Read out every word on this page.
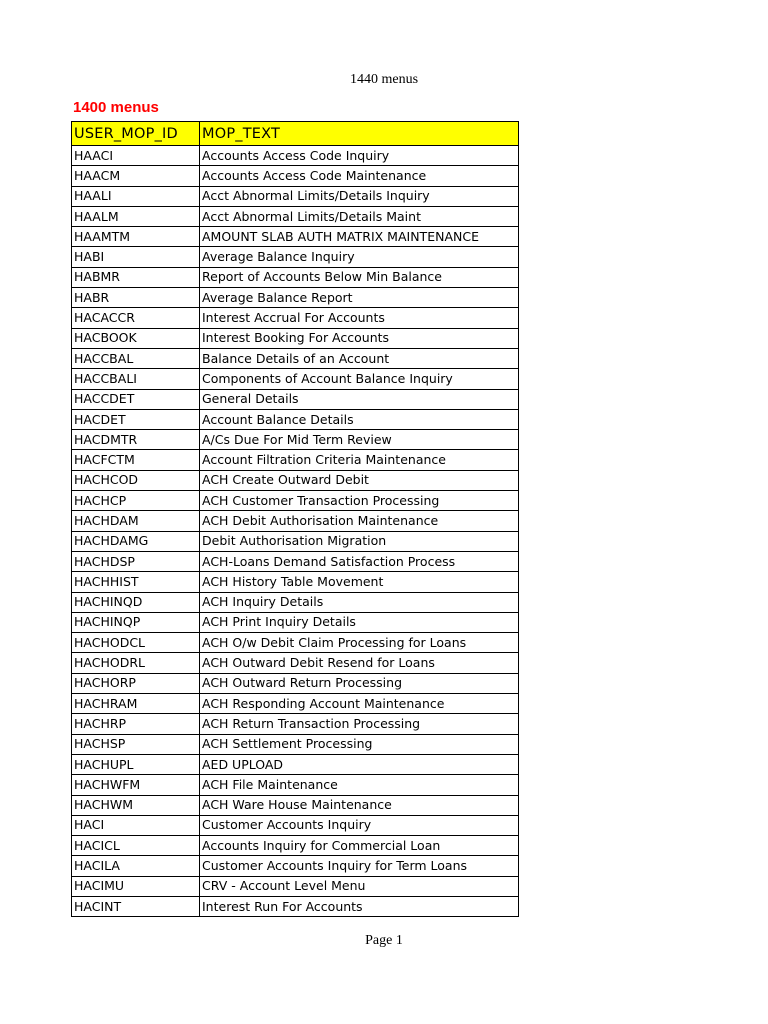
1440 menus
1400 menus
USER_MOP_ID	MOP_TEXT
HAACI	Accounts Access Code Inquiry
HAACM	Accounts Access Code Maintenance
HAALI	Acct Abnormal Limits/Details Inquiry
HAALM	Acct Abnormal Limits/Details Maint
HAAMTM	AMOUNT SLAB AUTH MATRIX MAINTENANCE
HABI	Average Balance Inquiry
HABMR	Report of Accounts Below Min Balance
HABR	Average Balance Report
HACACCR	Interest Accrual For Accounts
HACBOOK	Interest Booking For Accounts
HACCBAL	Balance Details of an Account
HACCBALI	Components of Account Balance Inquiry
HACCDET	General Details
HACDET	Account Balance Details
HACDMTR	A/Cs Due For Mid Term Review
HACFCTM	Account Filtration Criteria Maintenance
HACHCOD	ACH Create Outward Debit
HACHCP	ACH Customer Transaction Processing
HACHDAM	ACH Debit Authorisation Maintenance
HACHDAMG	Debit Authorisation Migration
HACHDSP	ACH-Loans Demand Satisfaction Process
HACHHIST	ACH History Table Movement
HACHINQD	ACH Inquiry Details
HACHINQP	ACH Print Inquiry Details
HACHODCL	ACH O/w Debit Claim Processing for Loans
HACHODRL	ACH Outward Debit Resend for Loans
HACHORP	ACH Outward Return Processing
HACHRAM	ACH Responding Account Maintenance
HACHRP	ACH Return Transaction Processing
HACHSP	ACH Settlement Processing
HACHUPL	AED UPLOAD
HACHWFM	ACH File Maintenance
HACHWM	ACH Ware House Maintenance
HACI	Customer Accounts Inquiry
HACICL	Accounts Inquiry for Commercial Loan
HACILA	Customer Accounts Inquiry for Term Loans
HACIMU	CRV - Account Level Menu
HACINT	Interest Run For Accounts
Page 1
